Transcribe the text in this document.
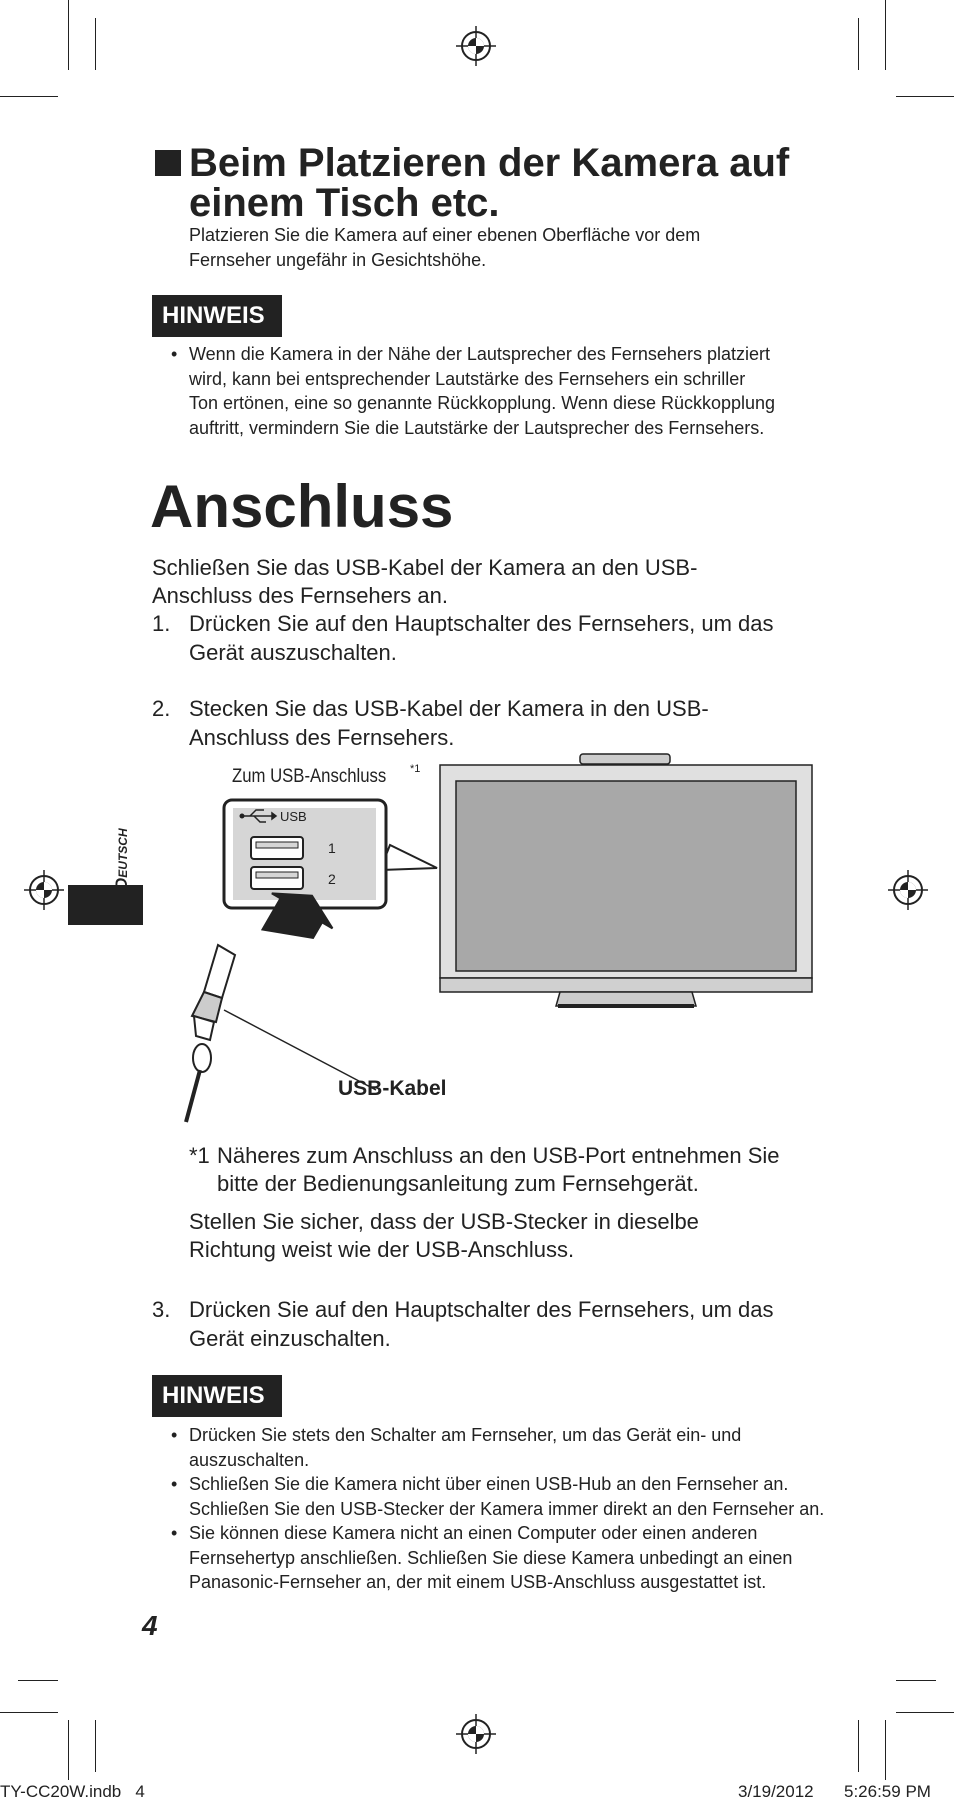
Beim Platzieren der Kamera auf
einem Tisch etc.
Platzieren Sie die Kamera auf einer ebenen Oberfläche vor dem
Fernseher ungefähr in Gesichtshöhe.
HINWEIS
• Wenn die Kamera in der Nähe der Lautsprecher des Fernsehers platziert
wird, kann bei entsprechender Lautstärke des Fernsehers ein schriller
Ton ertönen, eine so genannte Rückkopplung. Wenn diese Rückkopplung
auftritt, vermindern Sie die Lautstärke der Lautsprecher des Fernsehers.
Anschluss
Schließen Sie das USB-Kabel der Kamera an den USB-
Anschluss des Fernsehers an.
1. Drücken Sie auf den Hauptschalter des Fernsehers, um das
Gerät auszuschalten.
2. Stecken Sie das USB-Kabel der Kamera in den USB-
Anschluss des Fernsehers.
Deutsch
Zum USB-Anschluss *1
USB
1
2
USB-Kabel
*1 Näheres zum Anschluss an den USB-Port entnehmen Sie
bitte der Bedienungsanleitung zum Fernsehgerät.
Stellen Sie sicher, dass der USB-Stecker in dieselbe
Richtung weist wie der USB-Anschluss.
3. Drücken Sie auf den Hauptschalter des Fernsehers, um das
Gerät einzuschalten.
HINWEIS
• Drücken Sie stets den Schalter am Fernseher, um das Gerät ein- und
auszuschalten.
• Schließen Sie die Kamera nicht über einen USB-Hub an den Fernseher an.
Schließen Sie den USB-Stecker der Kamera immer direkt an den Fernseher an.
• Sie können diese Kamera nicht an einen Computer oder einen anderen
Fernsehertyp anschließen. Schließen Sie diese Kamera unbedingt an einen
Panasonic-Fernseher an, der mit einem USB-Anschluss ausgestattet ist.
4
TY-CC20W.indb   4	3/19/2012 5:26:59 PM
